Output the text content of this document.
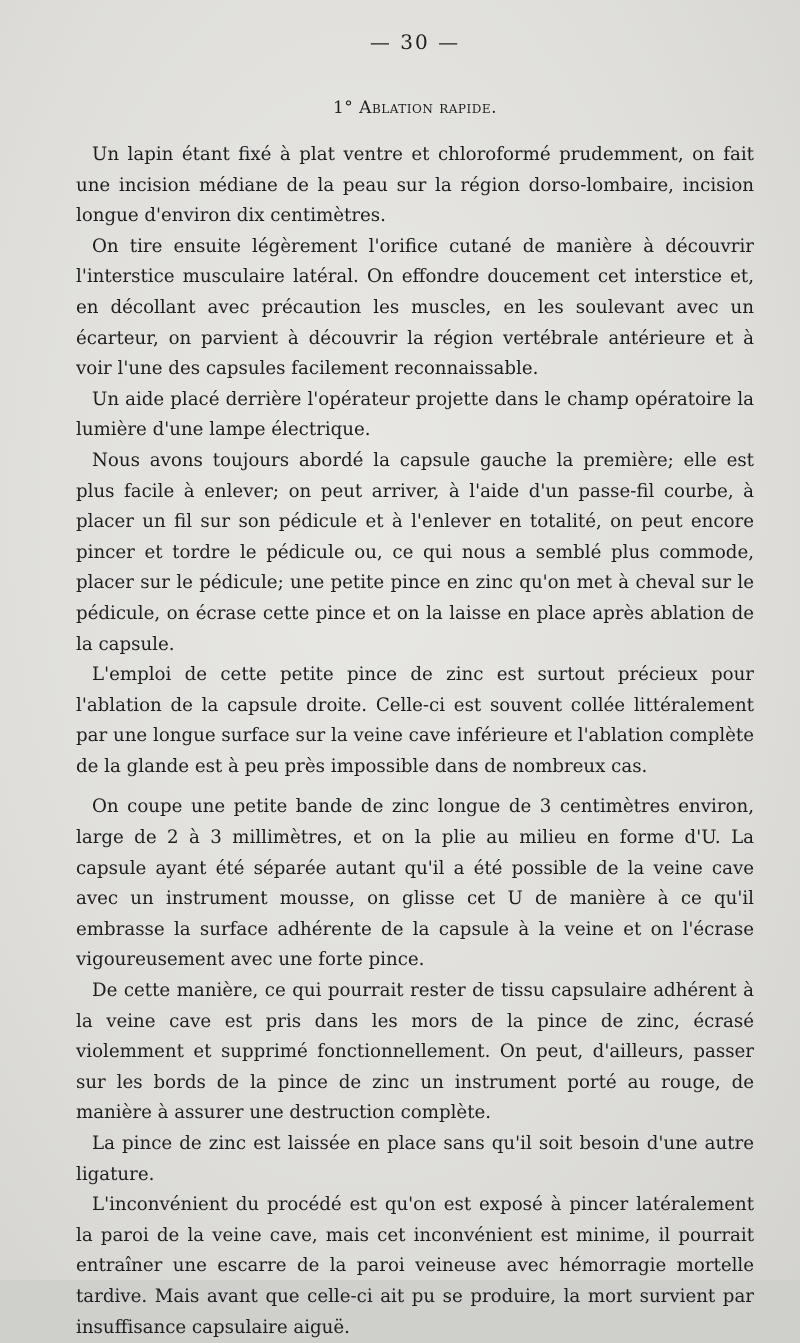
— 30 —
1° Ablation rapide.

Un lapin étant fixé à plat ventre et chloroformé prudemment, on fait une incision médiane de la peau sur la région dorso-lombaire, incision longue d'environ dix centimètres.

On tire ensuite légèrement l'orifice cutané de manière à découvrir l'interstice musculaire latéral. On effondre doucement cet interstice et, en décollant avec précaution les muscles, en les soulevant avec un écarteur, on parvient à découvrir la région vertébrale antérieure et à voir l'une des capsules facilement reconnaissable.

Un aide placé derrière l'opérateur projette dans le champ opératoire la lumière d'une lampe électrique.

Nous avons toujours abordé la capsule gauche la première; elle est plus facile à enlever; on peut arriver, à l'aide d'un passe-fil courbe, à placer un fil sur son pédicule et à l'enlever en totalité, on peut encore pincer et tordre le pédicule ou, ce qui nous a semblé plus commode, placer sur le pédicule; une petite pince en zinc qu'on met à cheval sur le pédicule, on écrase cette pince et on la laisse en place après ablation de la capsule.

L'emploi de cette petite pince de zinc est surtout précieux pour l'ablation de la capsule droite. Celle-ci est souvent collée littéralement par une longue surface sur la veine cave inférieure et l'ablation complète de la glande est à peu près impossible dans de nombreux cas.

On coupe une petite bande de zinc longue de 3 centimètres environ, large de 2 à 3 millimètres, et on la plie au milieu en forme d'U. La capsule ayant été séparée autant qu'il a été possible de la veine cave avec un instrument mousse, on glisse cet U de manière à ce qu'il embrasse la surface adhérente de la capsule à la veine et on l'écrase vigoureusement avec une forte pince.

De cette manière, ce qui pourrait rester de tissu capsulaire adhérent à la veine cave est pris dans les mors de la pince de zinc, écrasé violemment et supprimé fonctionnellement. On peut, d'ailleurs, passer sur les bords de la pince de zinc un instrument porté au rouge, de manière à assurer une destruction complète.

La pince de zinc est laissée en place sans qu'il soit besoin d'une autre ligature.

L'inconvénient du procédé est qu'on est exposé à pincer latéralement la paroi de la veine cave, mais cet inconvénient est minime, il pourrait entraîner une escarre de la paroi veineuse avec hémorragie mortelle tardive. Mais avant que celle-ci ait pu se produire, la mort survient par insuffisance capsulaire aiguë.
